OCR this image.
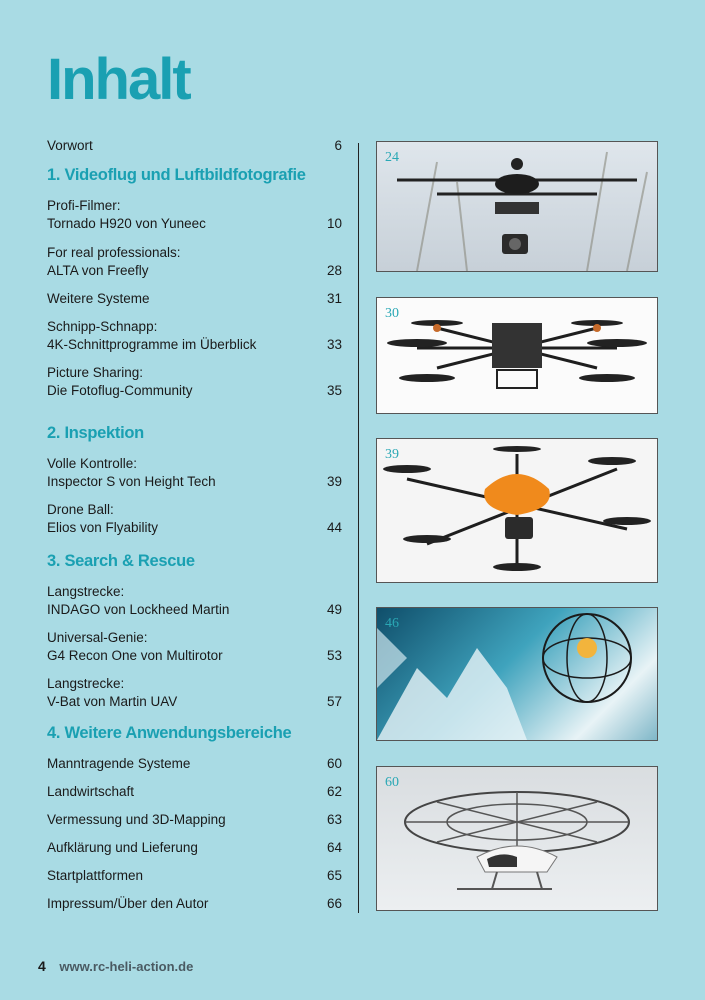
Inhalt
Vorwort	6
1. Videoflug und Luftbildfotografie
Profi-Filmer:
Tornado H920 von Yuneec	10
For real professionals:
ALTA von Freefly	28
Weitere Systeme	31
Schnipp-Schnapp:
4K-Schnittprogramme im Überblick	33
Picture Sharing:
Die Fotoflug-Community	35
2. Inspektion
Volle Kontrolle:
Inspector S von Height Tech	39
Drone Ball:
Elios von Flyability	44
3. Search & Rescue
Langstrecke:
INDAGO von Lockheed Martin	49
Universal-Genie:
G4 Recon One von Multirotor	53
Langstrecke:
V-Bat von Martin UAV	57
4. Weitere Anwendungsbereiche
Manntragende Systeme	60
Landwirtschaft	62
Vermessung und 3D-Mapping	63
Aufklärung und Lieferung	64
Startplattformen	65
Impressum/Über den Autor	66
24
30
39
46
60
4 www.rc-heli-action.de
